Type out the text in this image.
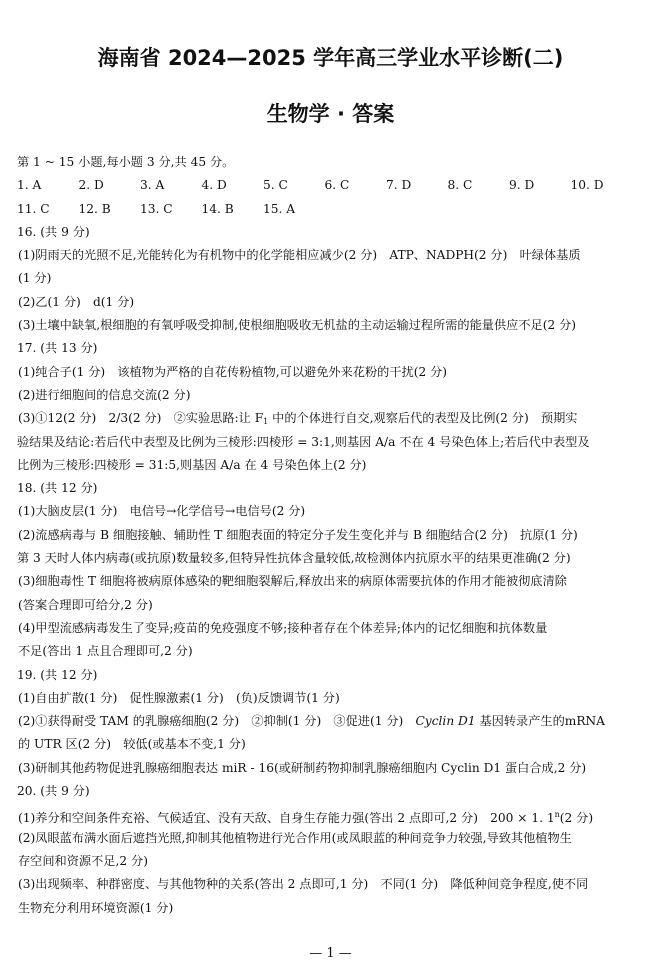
海南省 2024—2025 学年高三学业水平诊断(二)
生物学 · 答案
第 1 ~ 15 小题,每小题 3 分,共 45 分。
1. A	2. D	3. A	4. D	5. C	6. C	7. D	8. C	9. D	10. D
11. C	12. B	13. C	14. B	15. A
16. (共 9 分)
(1)阴雨天的光照不足,光能转化为有机物中的化学能相应减少(2 分)　ATP、NADPH(2 分)　叶绿体基质
(1 分)
(2)乙(1 分)　d(1 分)
(3)土壤中缺氧,根细胞的有氧呼吸受抑制,使根细胞吸收无机盐的主动运输过程所需的能量供应不足(2 分)
17. (共 13 分)
(1)纯合子(1 分)　该植物为严格的自花传粉植物,可以避免外来花粉的干扰(2 分)
(2)进行细胞间的信息交流(2 分)
(3)①12(2 分)　2/3(2 分)　②实验思路:让 F1 中的个体进行自交,观察后代的表型及比例(2 分)　预期实
验结果及结论:若后代中表型及比例为三棱形:四棱形 = 3:1,则基因 A/a 不在 4 号染色体上;若后代中表型及
比例为三棱形:四棱形 = 31:5,则基因 A/a 在 4 号染色体上(2 分)
18. (共 12 分)
(1)大脑皮层(1 分)　电信号→化学信号→电信号(2 分)
(2)流感病毒与 B 细胞接触、辅助性 T 细胞表面的特定分子发生变化并与 B 细胞结合(2 分)　抗原(1 分)
第 3 天时人体内病毒(或抗原)数量较多,但特异性抗体含量较低,故检测体内抗原水平的结果更准确(2 分)
(3)细胞毒性 T 细胞将被病原体感染的靶细胞裂解后,释放出来的病原体需要抗体的作用才能被彻底清除
(答案合理即可给分,2 分)
(4)甲型流感病毒发生了变异;疫苗的免疫强度不够;接种者存在个体差异;体内的记忆细胞和抗体数量
不足(答出 1 点且合理即可,2 分)
19. (共 12 分)
(1)自由扩散(1 分)　促性腺激素(1 分)　(负)反馈调节(1 分)
(2)①获得耐受 TAM 的乳腺癌细胞(2 分)　②抑制(1 分)　③促进(1 分)　Cyclin D1 基因转录产生的mRNA
的 UTR 区(2 分)　较低(或基本不变,1 分)
(3)研制其他药物促进乳腺癌细胞表达 miR - 16(或研制药物抑制乳腺癌细胞内 Cyclin D1 蛋白合成,2 分)
20. (共 9 分)
(1)养分和空间条件充裕、气候适宜、没有天敌、自身生存能力强(答出 2 点即可,2 分)　200 × 1. 1$^n$(2 分)
(2)凤眼蓝布满水面后遮挡光照,抑制其他植物进行光合作用(或凤眼蓝的种间竞争力较强,导致其他植物生
存空间和资源不足,2 分)
(3)出现频率、种群密度、与其他物种的关系(答出 2 点即可,1 分)　不同(1 分)　降低种间竞争程度,使不同
生物充分利用环境资源(1 分)
— 1 —
